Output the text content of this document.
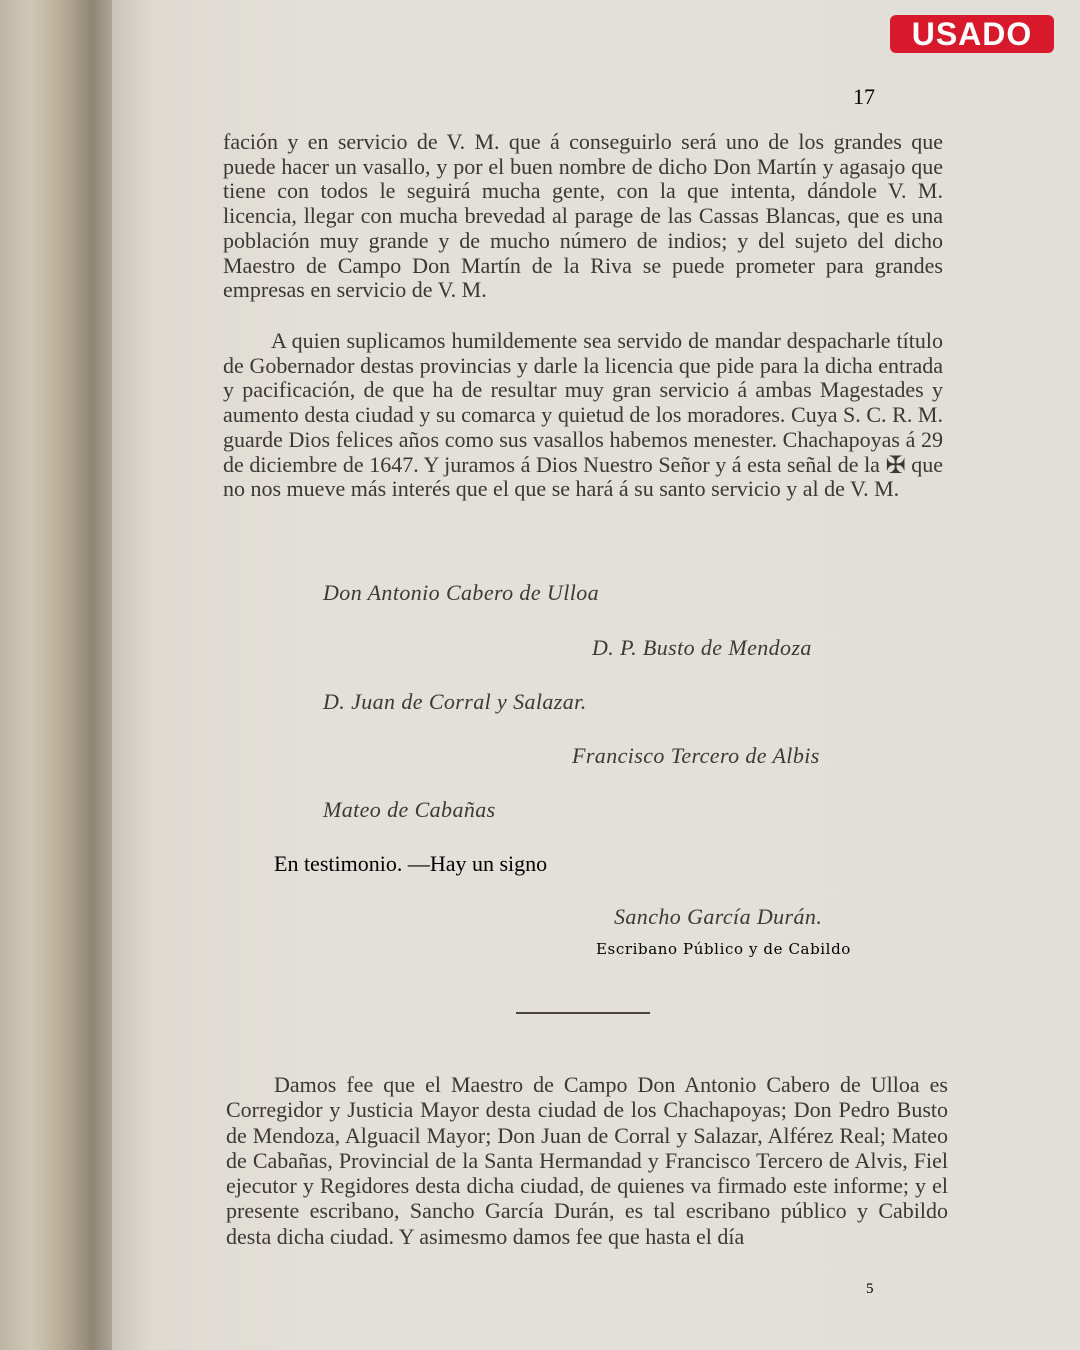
USADO
17

fación y en servicio de V. M. que á conseguirlo será uno de los grandes que puede hacer un vasallo, y por el buen nombre de dicho Don Martín y agasajo que tiene con todos le seguirá mucha gente, con la que intenta, dándole V. M. licencia, llegar con mucha brevedad al parage de las Cassas Blancas, que es una población muy grande y de mucho número de indios; y del sujeto del dicho Maestro de Campo Don Martín de la Riva se puede prometer para grandes empresas en servicio de V. M.

A quien suplicamos humildemente sea servido de mandar despacharle título de Gobernador destas provincias y darle la licencia que pide para la dicha entrada y pacificación, de que ha de resultar muy gran servicio á ambas Magestades y aumento desta ciudad y su comarca y quietud de los moradores. Cuya S. C. R. M. guarde Dios felices años como sus vasallos habemos menester. Chachapoyas á 29 de diciembre de 1647. Y juramos á Dios Nuestro Señor y á esta señal de la ✠ que no nos mueve más interés que el que se hará á su santo servicio y al de V. M.

Don Antonio Cabero de Ulloa
D. P. Busto de Mendoza
D. Juan de Corral y Salazar.
Francisco Tercero de Albis
Mateo de Cabañas
En testimonio. —Hay un signo
Sancho García Durán.
Escribano Público y de Cabildo

Damos fee que el Maestro de Campo Don Antonio Cabero de Ulloa es Corregidor y Justicia Mayor desta ciudad de los Chachapoyas; Don Pedro Busto de Mendoza, Alguacil Mayor; Don Juan de Corral y Salazar, Alférez Real; Mateo de Cabañas, Provincial de la Santa Hermandad y Francisco Tercero de Alvis, Fiel ejecutor y Regidores desta dicha ciudad, de quienes va firmado este informe; y el presente escribano, Sancho García Durán, es tal escribano público y Cabildo desta dicha ciudad. Y asimesmo damos fee que hasta el día

5
